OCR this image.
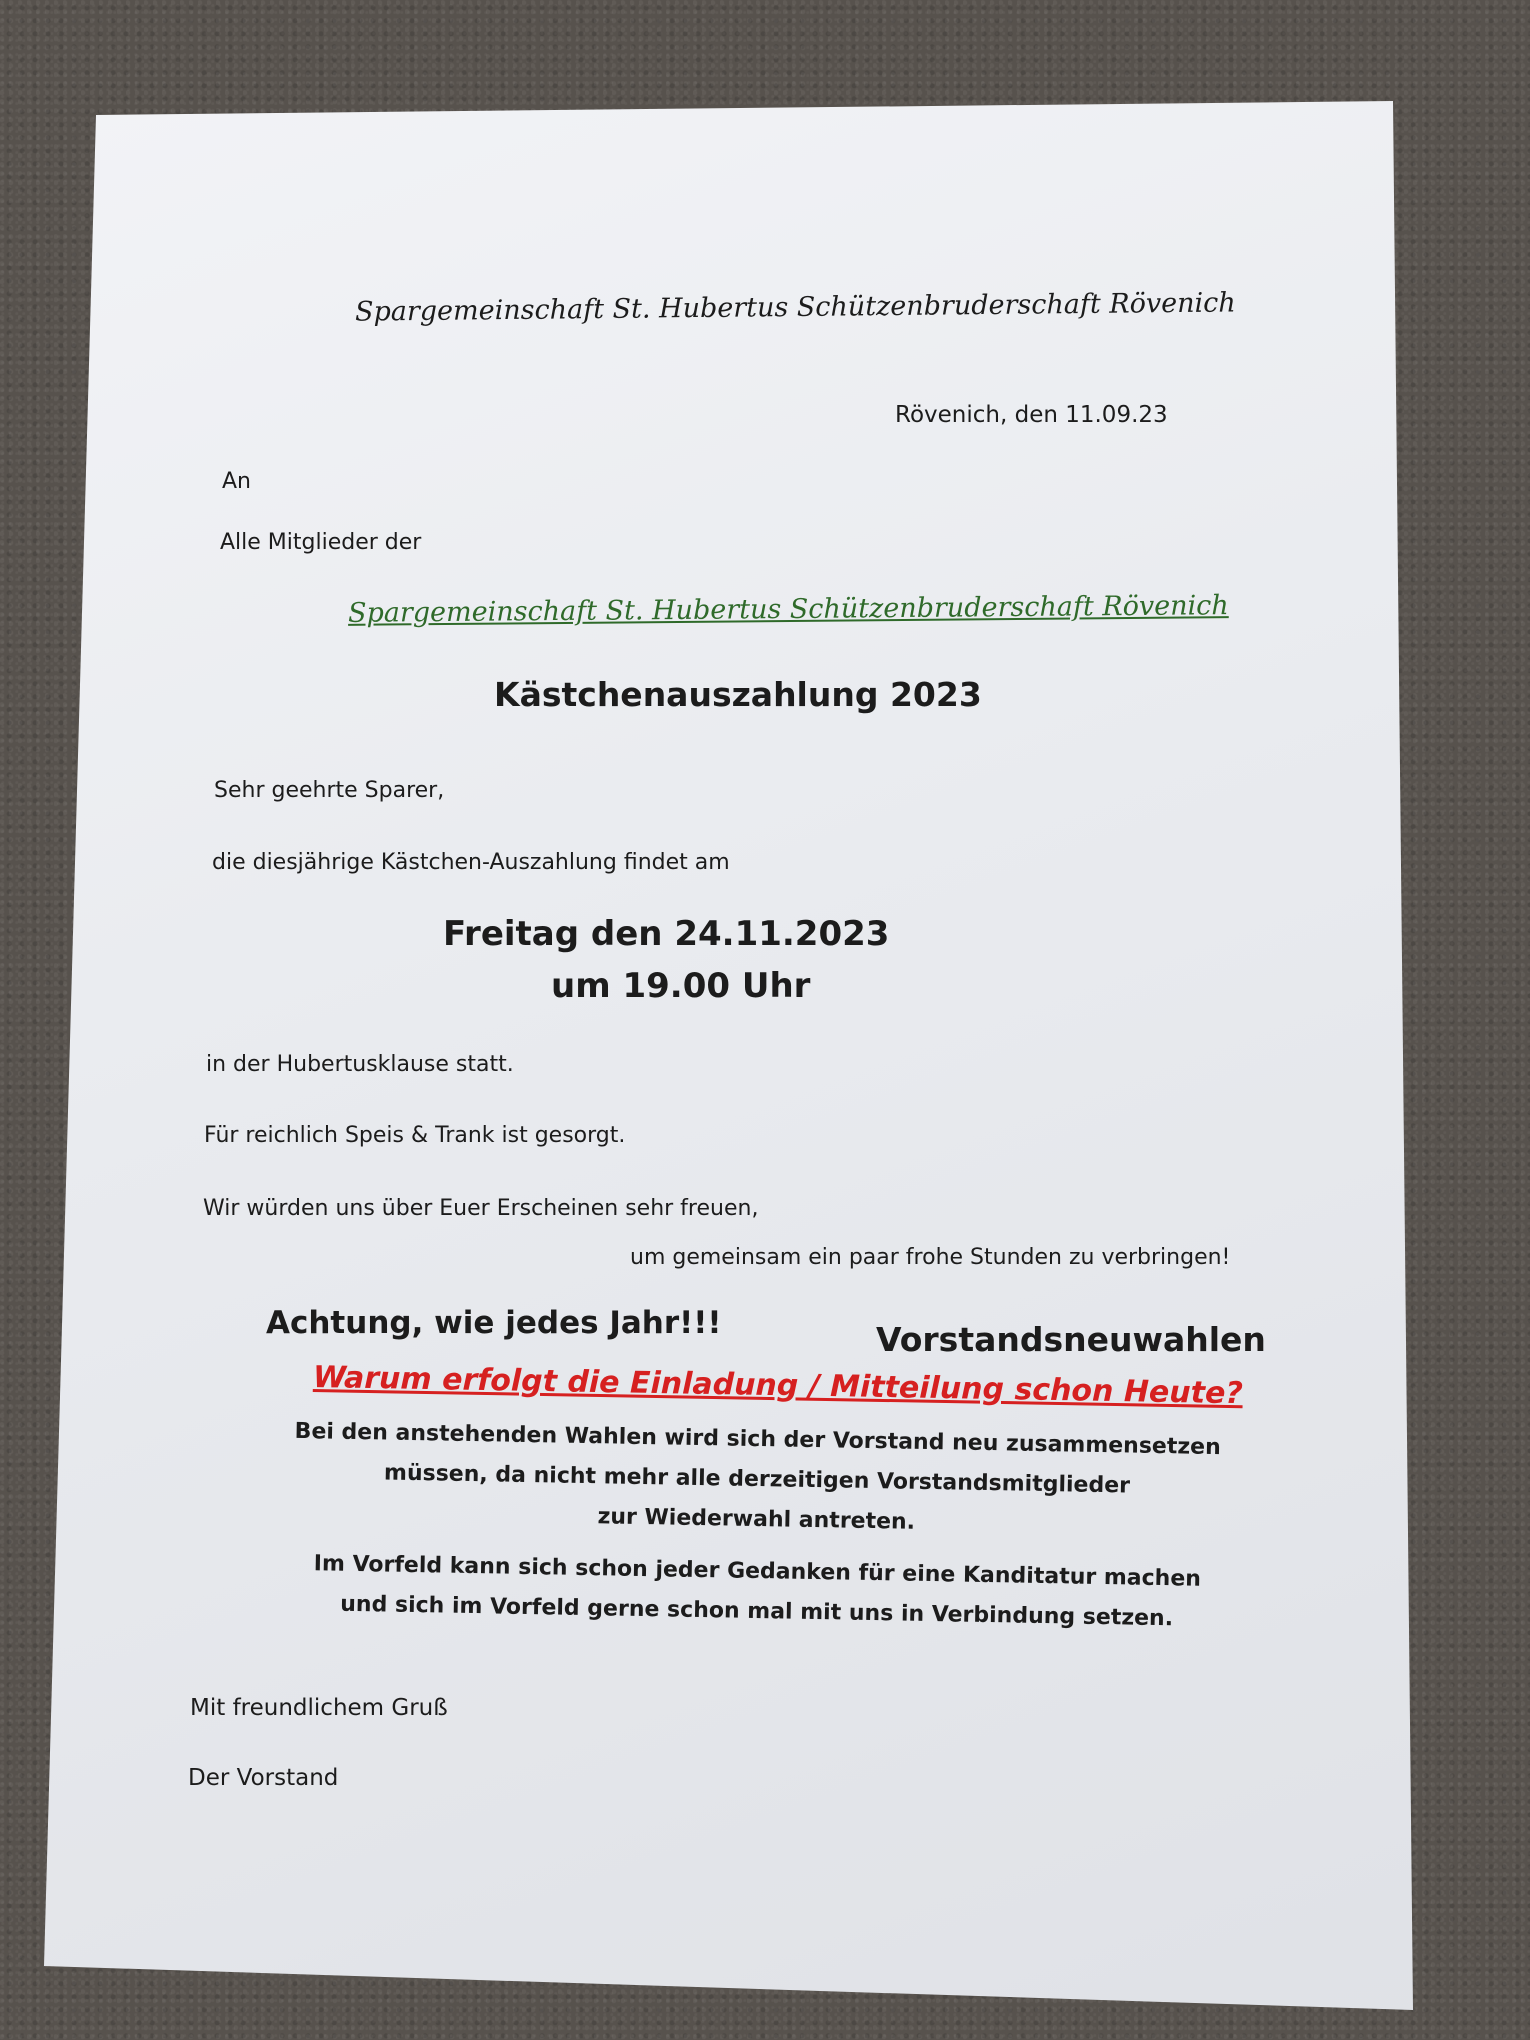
Spargemeinschaft St. Hubertus Schützenbruderschaft Rövenich
Rövenich, den 11.09.23
An
Alle Mitglieder der
Spargemeinschaft St. Hubertus Schützenbruderschaft Rövenich
Kästchenauszahlung 2023
Sehr geehrte Sparer,
die diesjährige Kästchen-Auszahlung findet am
Freitag den 24.11.2023
um 19.00 Uhr
in der Hubertusklause statt.
Für reichlich Speis & Trank ist gesorgt.
Wir würden uns über Euer Erscheinen sehr freuen,
um gemeinsam ein paar frohe Stunden zu verbringen!
Achtung, wie jedes Jahr!!!	Vorstandsneuwahlen
Warum erfolgt die Einladung / Mitteilung schon Heute?
Bei den anstehenden Wahlen wird sich der Vorstand neu zusammensetzen
müssen, da nicht mehr alle derzeitigen Vorstandsmitglieder
zur Wiederwahl antreten.
Im Vorfeld kann sich schon jeder Gedanken für eine Kanditatur machen
und sich im Vorfeld gerne schon mal mit uns in Verbindung setzen.
Mit freundlichem Gruß
Der Vorstand
